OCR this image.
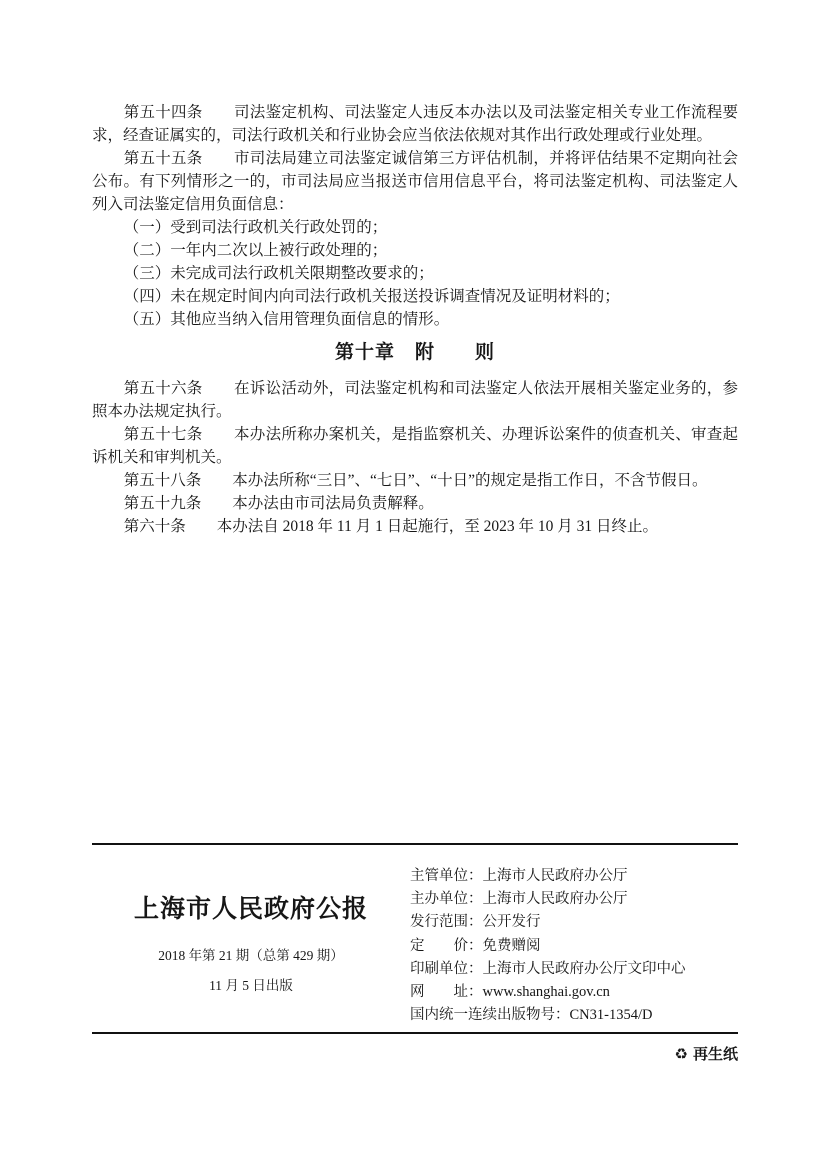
第五十四条　　司法鉴定机构、司法鉴定人违反本办法以及司法鉴定相关专业工作流程要求，经查证属实的，司法行政机关和行业协会应当依法依规对其作出行政处理或行业处理。

第五十五条　　市司法局建立司法鉴定诚信第三方评估机制，并将评估结果不定期向社会公布。有下列情形之一的，市司法局应当报送市信用信息平台，将司法鉴定机构、司法鉴定人列入司法鉴定信用负面信息：

（一）受到司法行政机关行政处罚的；

（二）一年内二次以上被行政处理的；

（三）未完成司法行政机关限期整改要求的；

（四）未在规定时间内向司法行政机关报送投诉调查情况及证明材料的；

（五）其他应当纳入信用管理负面信息的情形。

第十章　附　　则

第五十六条　　在诉讼活动外，司法鉴定机构和司法鉴定人依法开展相关鉴定业务的，参照本办法规定执行。

第五十七条　　本办法所称办案机关，是指监察机关、办理诉讼案件的侦查机关、审查起诉机关和审判机关。

第五十八条　　本办法所称“三日”、“七日”、“十日”的规定是指工作日，不含节假日。

第五十九条　　本办法由市司法局负责解释。

第六十条　　本办法自 2018 年 11 月 1 日起施行，至 2023 年 10 月 31 日终止。

上海市人民政府公报
2018 年第 21 期（总第 429 期）
11 月 5 日出版
主管单位：上海市人民政府办公厅
主办单位：上海市人民政府办公厅
发行范围：公开发行
定　　价：免费赠阅
印刷单位：上海市人民政府办公厅文印中心
网　　址：www.shanghai.gov.cn
国内统一连续出版物号：CN31-1354/D
♻ 再生纸
